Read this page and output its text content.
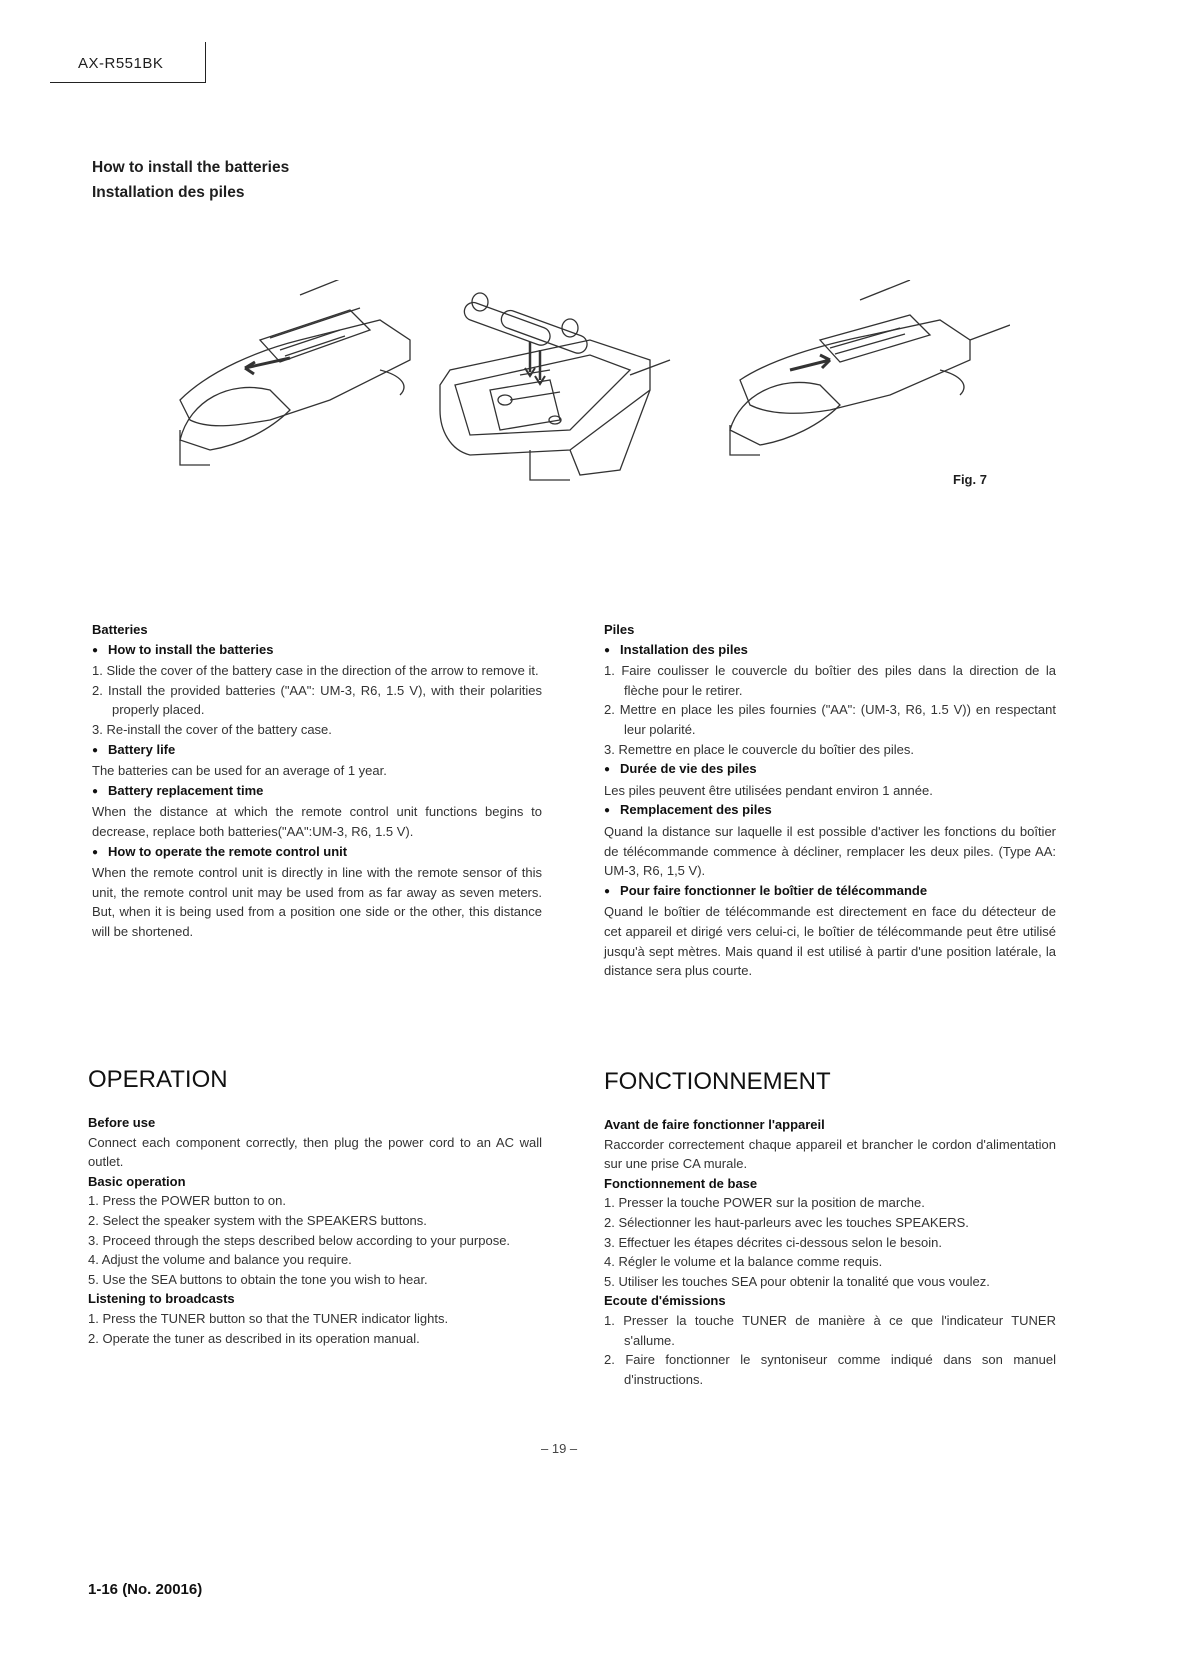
AX-R551BK
How to install the batteries
Installation des piles
Fig. 7
Batteries
● How to install the batteries
1. Slide the cover of the battery case in the direction of the arrow to remove it.
2. Install the provided batteries ("AA": UM-3, R6, 1.5 V), with their polarities properly placed.
3. Re-install the cover of the battery case.
● Battery life
The batteries can be used for an average of 1 year.
● Battery replacement time
When the distance at which the remote control unit functions begins to decrease, replace both batteries("AA":UM-3, R6, 1.5 V).
● How to operate the remote control unit
When the remote control unit is directly in line with the remote sensor of this unit, the remote control unit may be used from as far away as seven meters. But, when it is being used from a position one side or the other, this distance will be shortened.
Piles
● Installation des piles
1. Faire coulisser le couvercle du boîtier des piles dans la direction de la flèche pour le retirer.
2. Mettre en place les piles fournies ("AA": (UM-3, R6, 1.5 V)) en respectant leur polarité.
3. Remettre en place le couvercle du boîtier des piles.
● Durée de vie des piles
Les piles peuvent être utilisées pendant environ 1 année.
● Remplacement des piles
Quand la distance sur laquelle il est possible d'activer les fonctions du boîtier de télécommande commence à décliner, remplacer les deux piles. (Type AA: UM-3, R6, 1,5 V).
● Pour faire fonctionner le boîtier de télécommande
Quand le boîtier de télécommande est directement en face du détecteur de cet appareil et dirigé vers celui-ci, le boîtier de télécommande peut être utilisé jusqu'à sept mètres. Mais quand il est utilisé à partir d'une position latérale, la distance sera plus courte.
OPERATION
Before use
Connect each component correctly, then plug the power cord to an AC wall outlet.
Basic operation
1. Press the POWER button to on.
2. Select the speaker system with the SPEAKERS buttons.
3. Proceed through the steps described below according to your purpose.
4. Adjust the volume and balance you require.
5. Use the SEA buttons to obtain the tone you wish to hear.
Listening to broadcasts
1. Press the TUNER button so that the TUNER indicator lights.
2. Operate the tuner as described in its operation manual.
FONCTIONNEMENT
Avant de faire fonctionner l'appareil
Raccorder correctement chaque appareil et brancher le cordon d'alimentation sur une prise CA murale.
Fonctionnement de base
1. Presser la touche POWER sur la position de marche.
2. Sélectionner les haut-parleurs avec les touches SPEAKERS.
3. Effectuer les étapes décrites ci-dessous selon le besoin.
4. Régler le volume et la balance comme requis.
5. Utiliser les touches SEA pour obtenir la tonalité que vous voulez.
Ecoute d'émissions
1. Presser la touche TUNER de manière à ce que l'indicateur TUNER s'allume.
2. Faire fonctionner le syntoniseur comme indiqué dans son manuel d'instructions.
– 19 –
1-16 (No. 20016)
